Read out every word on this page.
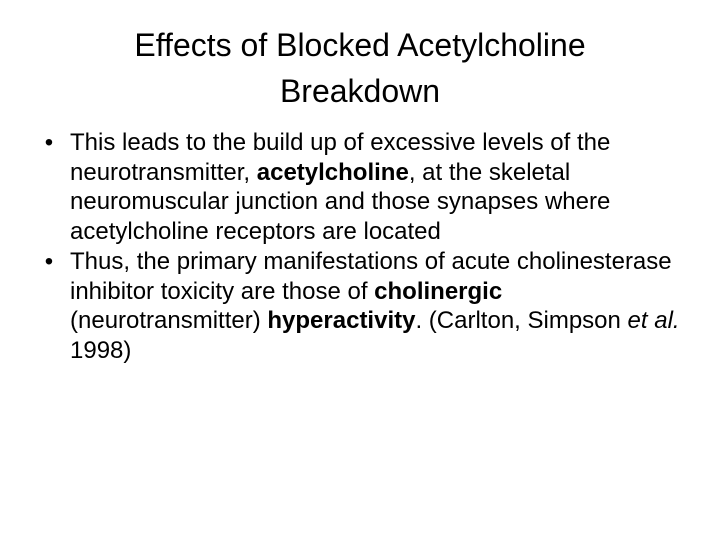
Effects of Blocked Acetylcholine
Breakdown
• This leads to the build up of excessive levels of the neurotransmitter, acetylcholine, at the skeletal neuromuscular junction and those synapses where acetylcholine receptors are located
• Thus, the primary manifestations of acute cholinesterase inhibitor toxicity are those of cholinergic (neurotransmitter) hyperactivity. (Carlton, Simpson et al. 1998)
